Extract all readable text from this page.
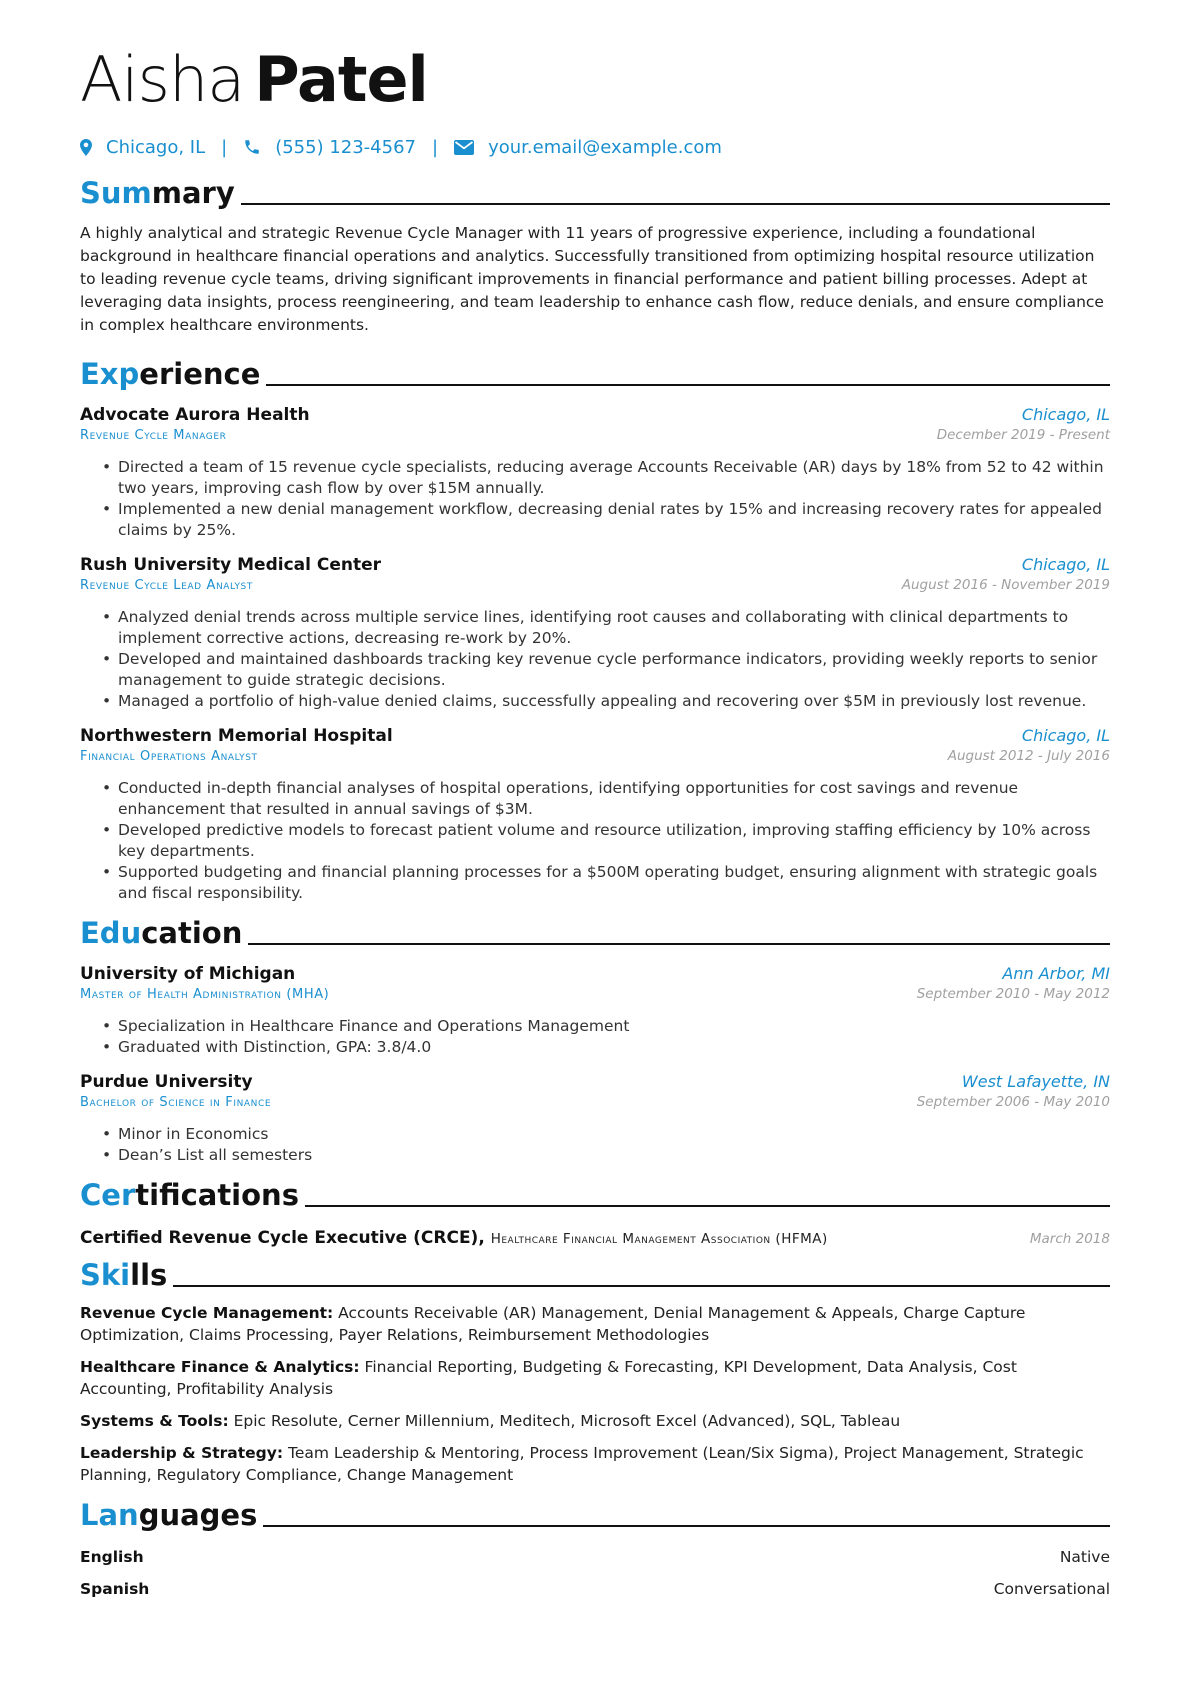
Aisha Patel
Chicago, IL |	(555) 123-4567 |	your.email@example.com
Summary
A highly analytical and strategic Revenue Cycle Manager with 11 years of progressive experience, including a foundational background in healthcare financial operations and analytics. Successfully transitioned from optimizing hospital resource utilization to leading revenue cycle teams, driving significant improvements in financial performance and patient billing processes. Adept at leveraging data insights, process reengineering, and team leadership to enhance cash flow, reduce denials, and ensure compliance in complex healthcare environments.
Experience
Advocate Aurora Health	Chicago, IL
Revenue Cycle Manager	December 2019 - Present
• Directed a team of 15 revenue cycle specialists, reducing average Accounts Receivable (AR) days by 18% from 52 to 42 within two years, improving cash flow by over $15M annually.
• Implemented a new denial management workflow, decreasing denial rates by 15% and increasing recovery rates for appealed claims by 25%.
Rush University Medical Center	Chicago, IL
Revenue Cycle Lead Analyst	August 2016 - November 2019
• Analyzed denial trends across multiple service lines, identifying root causes and collaborating with clinical departments to implement corrective actions, decreasing re-work by 20%.
• Developed and maintained dashboards tracking key revenue cycle performance indicators, providing weekly reports to senior management to guide strategic decisions.
• Managed a portfolio of high-value denied claims, successfully appealing and recovering over $5M in previously lost revenue.
Northwestern Memorial Hospital	Chicago, IL
Financial Operations Analyst	August 2012 - July 2016
• Conducted in-depth financial analyses of hospital operations, identifying opportunities for cost savings and revenue enhancement that resulted in annual savings of $3M.
• Developed predictive models to forecast patient volume and resource utilization, improving staffing efficiency by 10% across key departments.
• Supported budgeting and financial planning processes for a $500M operating budget, ensuring alignment with strategic goals and fiscal responsibility.
Education
University of Michigan	Ann Arbor, MI
Master of Health Administration (MHA)	September 2010 - May 2012
• Specialization in Healthcare Finance and Operations Management
• Graduated with Distinction, GPA: 3.8/4.0
Purdue University	West Lafayette, IN
Bachelor of Science in Finance	September 2006 - May 2010
• Minor in Economics
• Dean’s List all semesters
Certifications
Certified Revenue Cycle Executive (CRCE), Healthcare Financial Management Association (HFMA)	March 2018
Skills
Revenue Cycle Management: Accounts Receivable (AR) Management, Denial Management & Appeals, Charge Capture Optimization, Claims Processing, Payer Relations, Reimbursement Methodologies
Healthcare Finance & Analytics: Financial Reporting, Budgeting & Forecasting, KPI Development, Data Analysis, Cost Accounting, Profitability Analysis
Systems & Tools: Epic Resolute, Cerner Millennium, Meditech, Microsoft Excel (Advanced), SQL, Tableau
Leadership & Strategy: Team Leadership & Mentoring, Process Improvement (Lean/Six Sigma), Project Management, Strategic Planning, Regulatory Compliance, Change Management
Languages
English	Native
Spanish	Conversational
